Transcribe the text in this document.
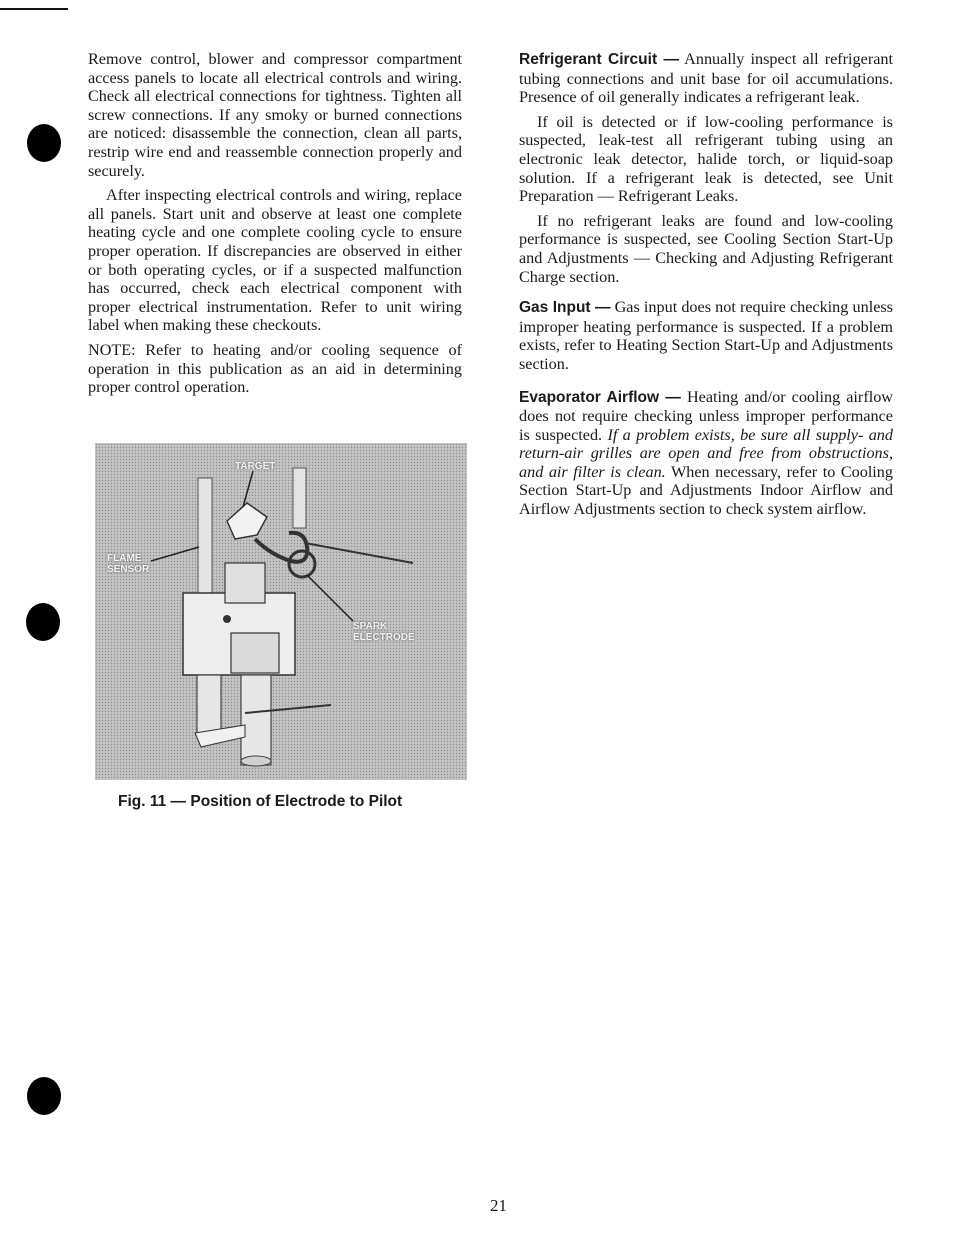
Remove control, blower and compressor compartment access panels to locate all electrical controls and wiring. Check all electrical connections for tightness. Tighten all screw connections. If any smoky or burned connections are noticed: disassemble the connection, clean all parts, restrip wire end and reassemble connection properly and securely.

After inspecting electrical controls and wiring, replace all panels. Start unit and observe at least one complete heating cycle and one complete cooling cycle to ensure proper operation. If discrepancies are observed in either or both operating cycles, or if a suspected malfunction has occurred, check each electrical component with proper electrical instrumentation. Refer to unit wiring label when making these checkouts.

NOTE: Refer to heating and/or cooling sequence of operation in this publication as an aid in determining proper control operation.

TARGET
FLAME
SENSOR
SPARK
ELECTRODE
Fig. 11 — Position of Electrode to Pilot

Refrigerant Circuit — Annually inspect all refrigerant tubing connections and unit base for oil accumulations. Presence of oil generally indicates a refrigerant leak.

If oil is detected or if low-cooling performance is suspected, leak-test all refrigerant tubing using an electronic leak detector, halide torch, or liquid-soap solution. If a refrigerant leak is detected, see Unit Preparation — Refrigerant Leaks.

If no refrigerant leaks are found and low-cooling performance is suspected, see Cooling Section Start-Up and Adjustments — Checking and Adjusting Refrigerant Charge section.

Gas Input — Gas input does not require checking unless improper heating performance is suspected. If a problem exists, refer to Heating Section Start-Up and Adjustments section.

Evaporator Airflow — Heating and/or cooling airflow does not require checking unless improper performance is suspected. If a problem exists, be sure all supply- and return-air grilles are open and free from obstructions, and air filter is clean. When necessary, refer to Cooling Section Start-Up and Adjustments Indoor Airflow and Airflow Adjustments section to check system airflow.

21
